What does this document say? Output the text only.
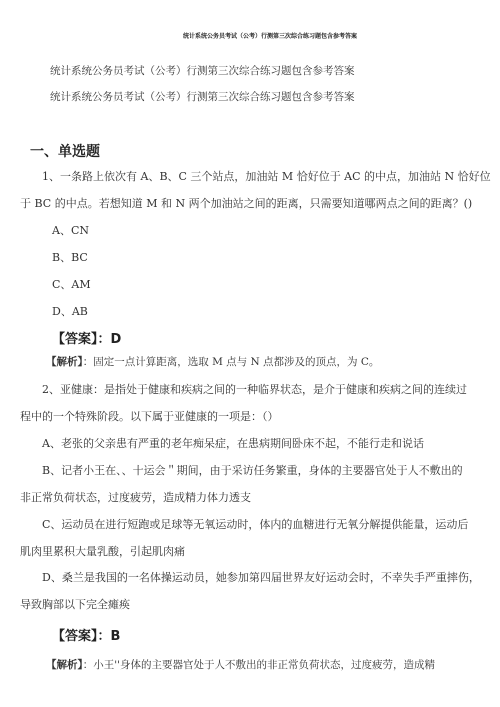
统计系统公务员考试（公考）行测第三次综合练习题包含参考答案
统计系统公务员考试（公考）行测第三次综合练习题包含参考答案
统计系统公务员考试（公考）行测第三次综合练习题包含参考答案
一、单选题
1、一条路上依次有 A、B、C 三个站点，加油站 M 恰好位于 AC 的中点，加油站 N 恰好位
于 BC 的中点。若想知道 M 和 N 两个加油站之间的距离，只需要知道哪两点之间的距离？()
A、CN
B、BC
C、AM
D、AB
【答案】：D
【解析】：固定一点计算距离，选取 M 点与 N 点都涉及的顶点，为 C。
2、亚健康：是指处于健康和疾病之间的一种临界状态，是介于健康和疾病之间的连续过
程中的一个特殊阶段。以下属于亚健康的一项是：（）
A、老张的父亲患有严重的老年痴呆症，在患病期间卧床不起，不能行走和说话
B、记者小王在、、十运会＂期间，由于采访任务繁重，身体的主要器官处于人不敷出的
非正常负荷状态，过度疲劳，造成精力体力透支
C、运动员在进行短跑或足球等无氧运动时，体内的血糖进行无氧分解提供能量，运动后
肌肉里累积大量乳酸，引起肌肉痛
D、桑兰是我国的一名体操运动员，她参加第四届世界友好运动会时，不幸失手严重摔伤，
导致胸部以下完全瘫痪
【答案】：B
【解析】：小王''身体的主要器官处于人不敷出的非正常负荷状态，过度疲劳，造成精
